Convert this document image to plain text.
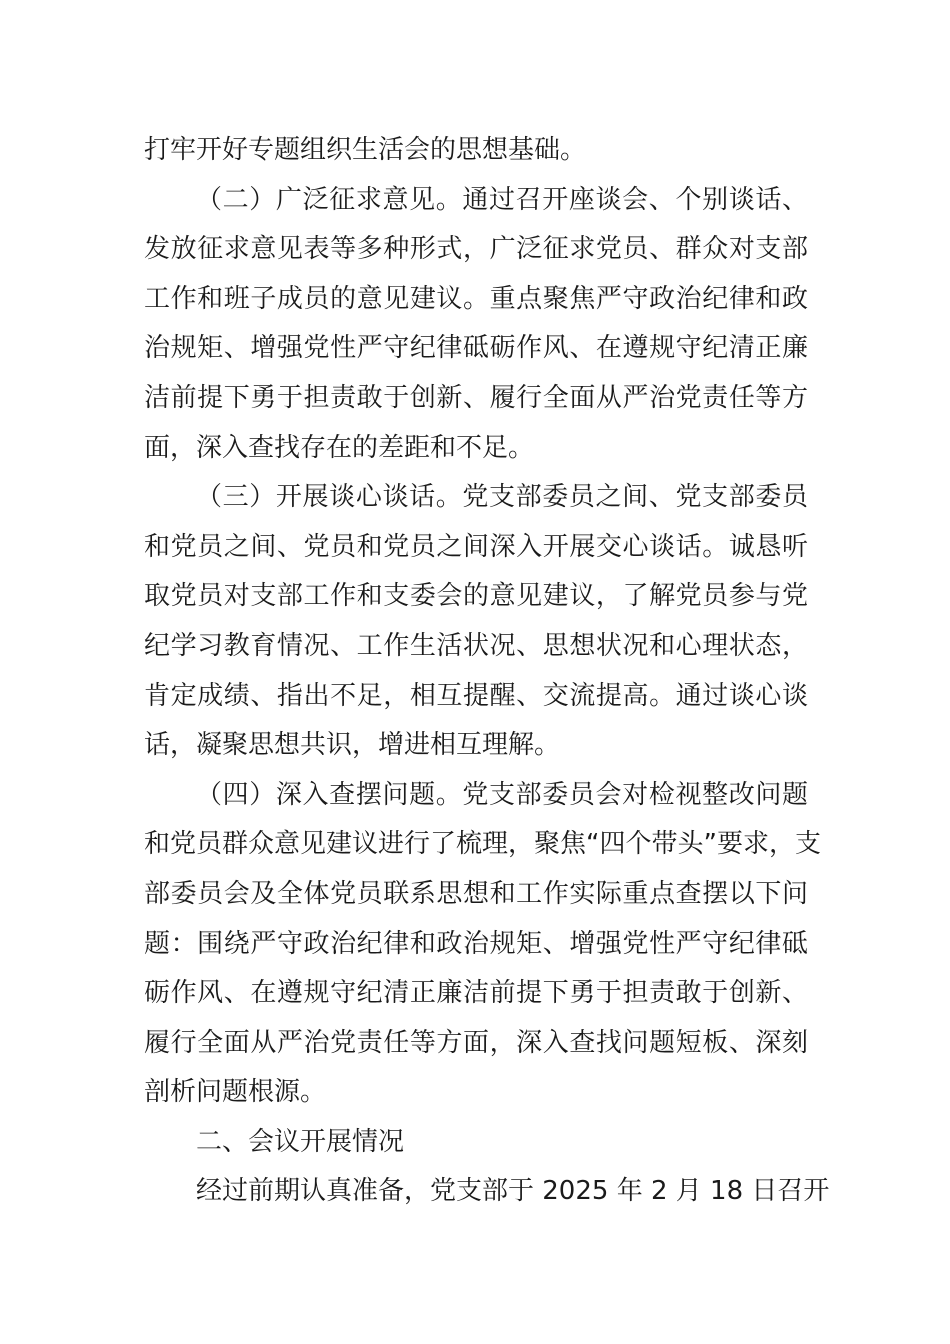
打牢开好专题组织生活会的思想基础。
（二）广泛征求意见。通过召开座谈会、个别谈话、
发放征求意见表等多种形式，广泛征求党员、群众对支部
工作和班子成员的意见建议。重点聚焦严守政治纪律和政
治规矩、增强党性严守纪律砥砺作风、在遵规守纪清正廉
洁前提下勇于担责敢于创新、履行全面从严治党责任等方
面，深入查找存在的差距和不足。
（三）开展谈心谈话。党支部委员之间、党支部委员
和党员之间、党员和党员之间深入开展交心谈话。诚恳听
取党员对支部工作和支委会的意见建议，了解党员参与党
纪学习教育情况、工作生活状况、思想状况和心理状态，
肯定成绩、指出不足，相互提醒、交流提高。通过谈心谈
话，凝聚思想共识，增进相互理解。
（四）深入查摆问题。党支部委员会对检视整改问题
和党员群众意见建议进行了梳理，聚焦“四个带头”要求，支
部委员会及全体党员联系思想和工作实际重点查摆以下问
题：围绕严守政治纪律和政治规矩、增强党性严守纪律砥
砺作风、在遵规守纪清正廉洁前提下勇于担责敢于创新、
履行全面从严治党责任等方面，深入查找问题短板、深刻
剖析问题根源。
二、会议开展情况
经过前期认真准备，党支部于 2025 年 2 月 18 日召开
